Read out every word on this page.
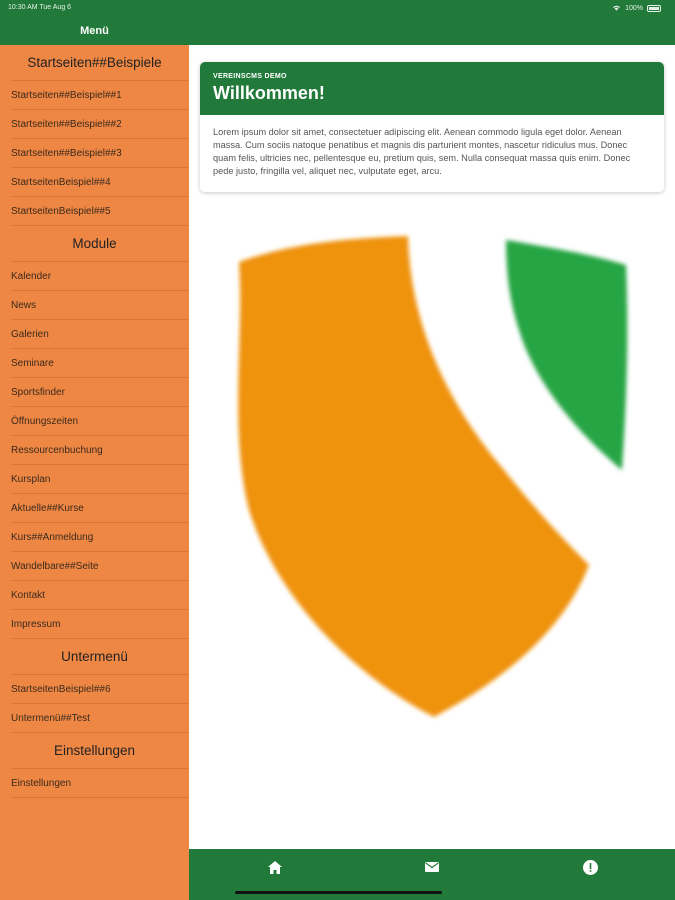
10:30 AM Tue Aug 6
Menü
Startseiten##Beispiele
Startseiten##Beispiel##1
Startseiten##Beispiel##2
Startseiten##Beispiel##3
StartseitenBeispiel##4
StartseitenBeispiel##5
Module
Kalender
News
Galerien
Seminare
Sportsfinder
Öffnungszeiten
Ressourcenbuchung
Kursplan
Aktuelle##Kurse
Kurs##Anmeldung
Wandelbare##Seite
Kontakt
Impressum
Untermenü
StartseitenBeispiel##6
Untermenü##Test
Einstellungen
Einstellungen
100%
VEREINSCMS DEMO
Willkommen!
Lorem ipsum dolor sit amet, consectetuer adipiscing elit. Aenean commodo ligula eget dolor. Aenean massa. Cum sociis natoque penatibus et magnis dis parturient montes, nascetur ridiculus mus. Donec quam felis, ultricies nec, pellentesque eu, pretium quis, sem. Nulla consequat massa quis enim. Donec pede justo, fringilla vel, aliquet nec, vulputate eget, arcu.
